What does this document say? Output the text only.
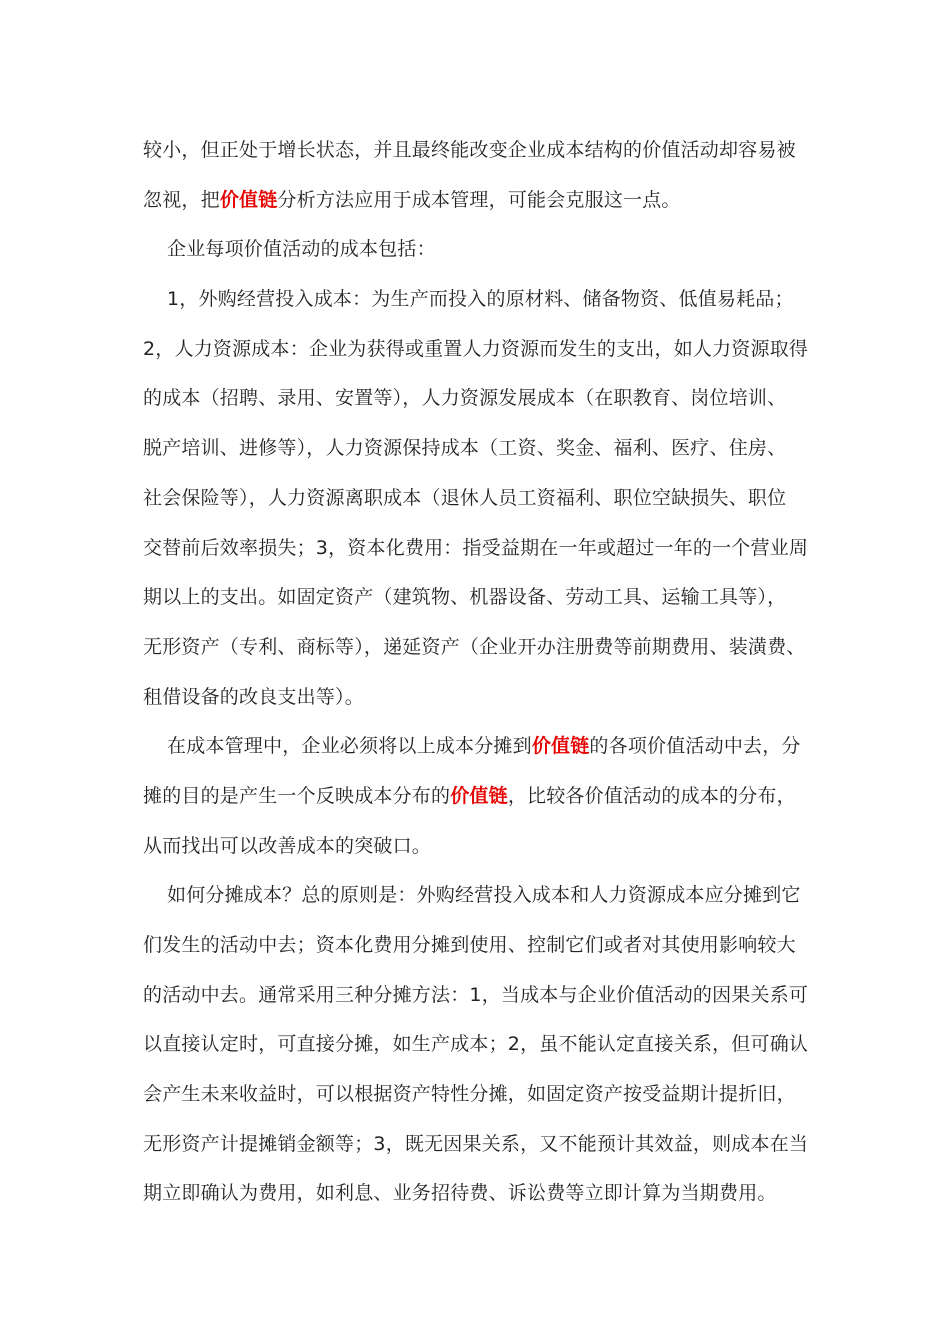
较小，但正处于增长状态，并且最终能改变企业成本结构的价值活动却容易被
忽视，把价值链分析方法应用于成本管理，可能会克服这一点。
企业每项价值活动的成本包括：
1，外购经营投入成本：为生产而投入的原材料、储备物资、低值易耗品；
2，人力资源成本：企业为获得或重置人力资源而发生的支出，如人力资源取得
的成本（招聘、录用、安置等），人力资源发展成本（在职教育、岗位培训、
脱产培训、进修等），人力资源保持成本（工资、奖金、福利、医疗、住房、
社会保险等），人力资源离职成本（退休人员工资福利、职位空缺损失、职位
交替前后效率损失；3，资本化费用：指受益期在一年或超过一年的一个营业周
期以上的支出。如固定资产（建筑物、机器设备、劳动工具、运输工具等），
无形资产（专利、商标等），递延资产（企业开办注册费等前期费用、装潢费、
租借设备的改良支出等）。
在成本管理中，企业必须将以上成本分摊到价值链的各项价值活动中去，分
摊的目的是产生一个反映成本分布的价值链，比较各价值活动的成本的分布，
从而找出可以改善成本的突破口。
如何分摊成本？总的原则是：外购经营投入成本和人力资源成本应分摊到它
们发生的活动中去；资本化费用分摊到使用、控制它们或者对其使用影响较大
的活动中去。通常采用三种分摊方法：1，当成本与企业价值活动的因果关系可
以直接认定时，可直接分摊，如生产成本；2，虽不能认定直接关系，但可确认
会产生未来收益时，可以根据资产特性分摊，如固定资产按受益期计提折旧，
无形资产计提摊销金额等；3，既无因果关系，又不能预计其效益，则成本在当
期立即确认为费用，如利息、业务招待费、诉讼费等立即计算为当期费用。
